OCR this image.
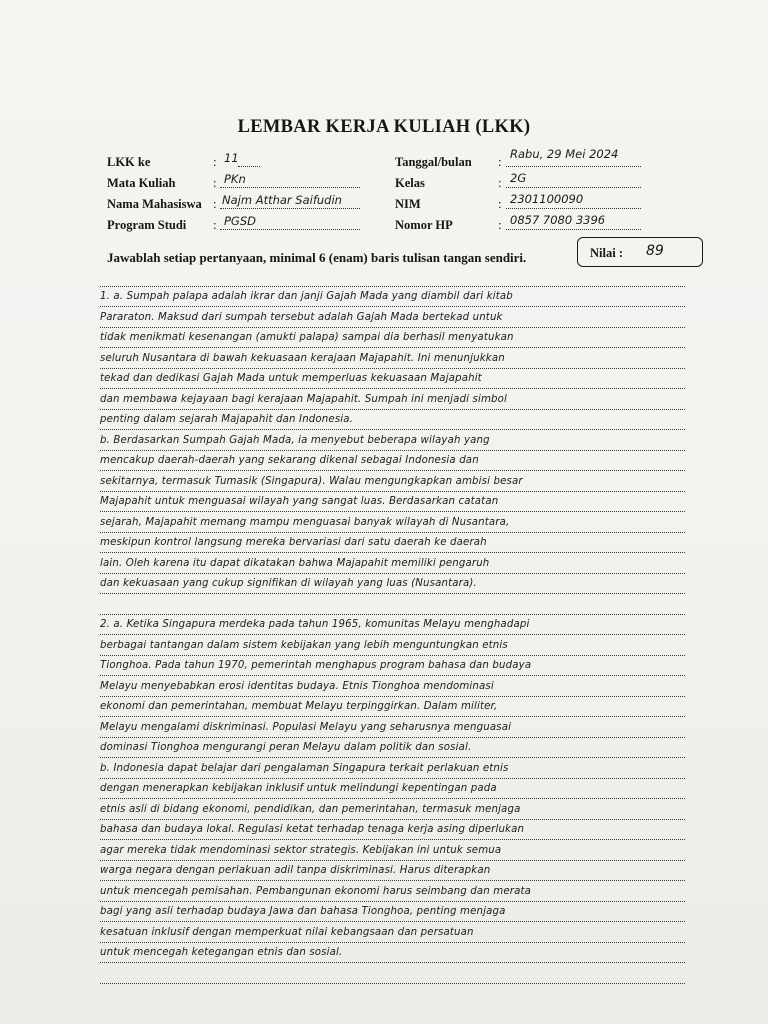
LEMBAR KERJA KULIAH (LKK)
LKK ke	: 11
Mata Kuliah	: PKn
Nama Mahasiswa : Najm Atthar Saifudin
Program Studi : PGSD
Tanggal/bulan : Rabu, 29 Mei 2024
Kelas	: 2G
NIM	: 2301100090
Nomor HP	: 0857 7080 3396
Jawablah setiap pertanyaan, minimal 6 (enam) baris tulisan tangan sendiri.	Nilai : 89
1. a. Sumpah palapa adalah ikrar dan janji Gajah Mada yang diambil dari kitab
Pararaton. Maksud dari sumpah tersebut adalah Gajah Mada bertekad untuk
tidak menikmati kesenangan (amukti palapa) sampai dia berhasil menyatukan
seluruh Nusantara di bawah kekuasaan kerajaan Majapahit. Ini menunjukkan
tekad dan dedikasi Gajah Mada untuk memperluas kekuasaan Majapahit
dan membawa kejayaan bagi kerajaan Majapahit. Sumpah ini menjadi simbol
penting dalam sejarah Majapahit dan Indonesia.
b. Berdasarkan Sumpah Gajah Mada, ia menyebut beberapa wilayah yang
mencakup daerah-daerah yang sekarang dikenal sebagai Indonesia dan
sekitarnya, termasuk Tumasik (Singapura). Walau mengungkapkan ambisi besar
Majapahit untuk menguasai wilayah yang sangat luas. Berdasarkan catatan
sejarah, Majapahit memang mampu menguasai banyak wilayah di Nusantara,
meskipun kontrol langsung mereka bervariasi dari satu daerah ke daerah
lain. Oleh karena itu dapat dikatakan bahwa Majapahit memiliki pengaruh
dan kekuasaan yang cukup signifikan di wilayah yang luas (Nusantara).
2. a. Ketika Singapura merdeka pada tahun 1965, komunitas Melayu menghadapi
berbagai tantangan dalam sistem kebijakan yang lebih menguntungkan etnis
Tionghoa. Pada tahun 1970, pemerintah menghapus program bahasa dan budaya
Melayu menyebabkan erosi identitas budaya. Etnis Tionghoa mendominasi
ekonomi dan pemerintahan, membuat Melayu terpinggirkan. Dalam militer,
Melayu mengalami diskriminasi. Populasi Melayu yang seharusnya menguasai
dominasi Tionghoa mengurangi peran Melayu dalam politik dan sosial.
b. Indonesia dapat belajar dari pengalaman Singapura terkait perlakuan etnis
dengan menerapkan kebijakan inklusif untuk melindungi kepentingan pada
etnis asli di bidang ekonomi, pendidikan, dan pemerintahan, termasuk menjaga
bahasa dan budaya lokal. Regulasi ketat terhadap tenaga kerja asing diperlukan
agar mereka tidak mendominasi sektor strategis. Kebijakan ini untuk semua
warga negara dengan perlakuan adil tanpa diskriminasi. Harus diterapkan
untuk mencegah pemisahan. Pembangunan ekonomi harus seimbang dan merata
bagi yang asli terhadap budaya Jawa dan bahasa Tionghoa, penting menjaga
kesatuan inklusif dengan memperkuat nilai kebangsaan dan persatuan
untuk mencegah ketegangan etnis dan sosial.
